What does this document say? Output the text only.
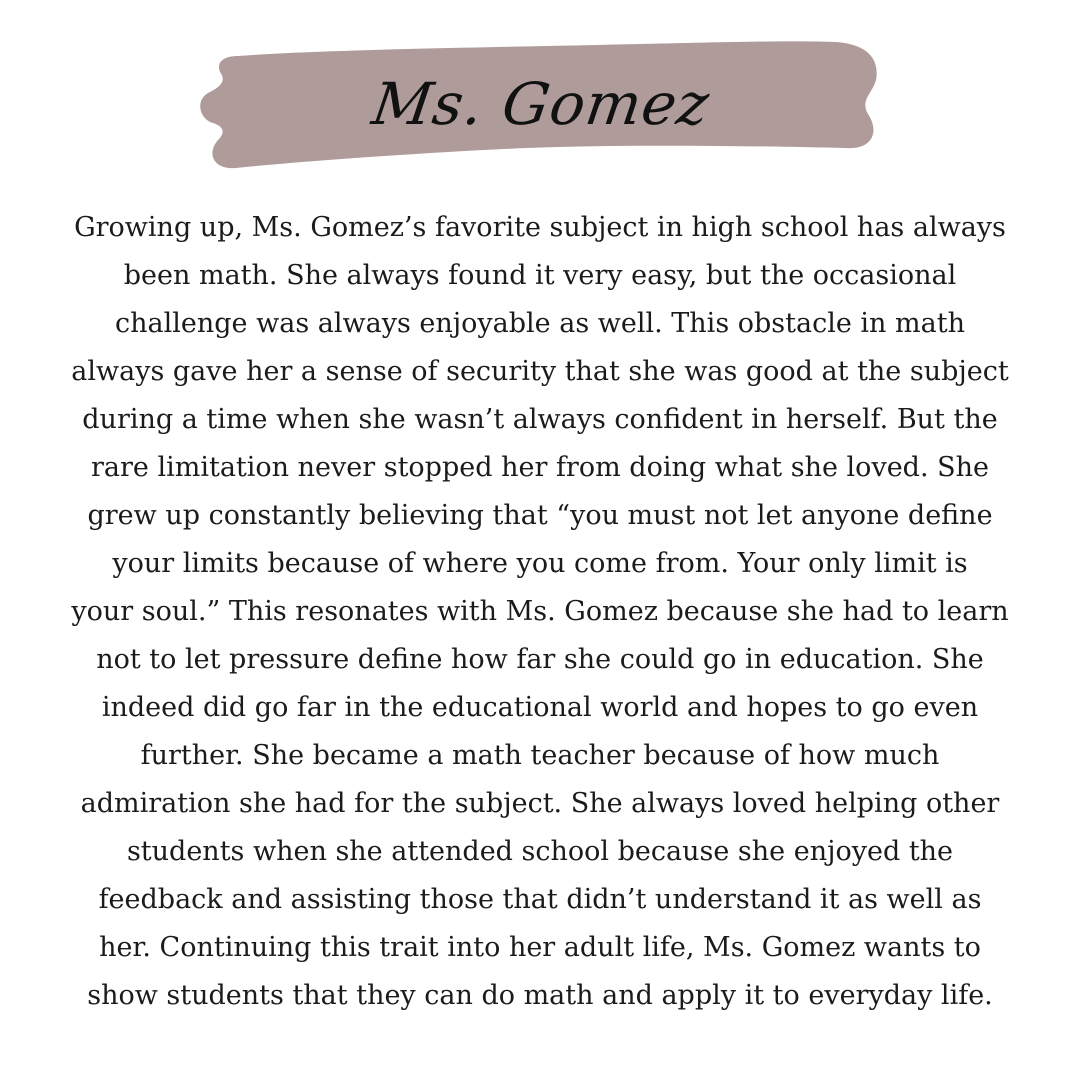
Ms. Gomez

Growing up, Ms. Gomez’s favorite subject in high school has always
been math. She always found it very easy, but the occasional
challenge was always enjoyable as well. This obstacle in math
always gave her a sense of security that she was good at the subject
during a time when she wasn’t always confident in herself. But the
rare limitation never stopped her from doing what she loved. She
grew up constantly believing that “you must not let anyone define
your limits because of where you come from. Your only limit is
your soul.” This resonates with Ms. Gomez because she had to learn
not to let pressure define how far she could go in education. She
indeed did go far in the educational world and hopes to go even
further. She became a math teacher because of how much
admiration she had for the subject. She always loved helping other
students when she attended school because she enjoyed the
feedback and assisting those that didn’t understand it as well as
her. Continuing this trait into her adult life, Ms. Gomez wants to
show students that they can do math and apply it to everyday life.
